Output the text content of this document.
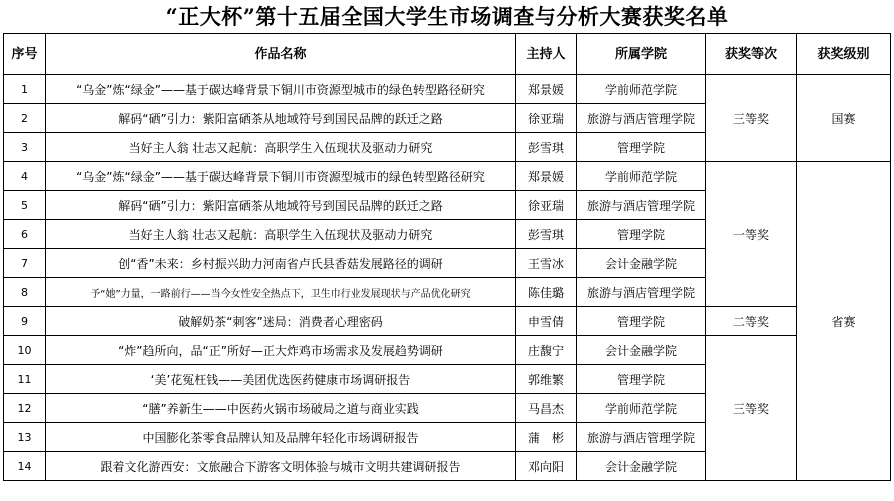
“正大杯”第十五届全国大学生市场调查与分析大赛获奖名单
序号	作品名称	主持人	所属学院	获奖等次	获奖级别
1	“乌金”炼“绿金”——基于碳达峰背景下铜川市资源型城市的绿色转型路径研究	郑景媛	学前师范学院	三等奖	国赛
2	解码“硒”引力：紫阳富硒茶从地域符号到国民品牌的跃迁之路	徐亚瑞	旅游与酒店管理学院		
3	当好主人翁 壮志又起航：高职学生入伍现状及驱动力研究	彭雪琪	管理学院		
4	“乌金”炼“绿金”——基于碳达峰背景下铜川市资源型城市的绿色转型路径研究	郑景媛	学前师范学院	一等奖	省赛
5	解码“硒”引力：紫阳富硒茶从地域符号到国民品牌的跃迁之路	徐亚瑞	旅游与酒店管理学院		
6	当好主人翁 壮志又起航：高职学生入伍现状及驱动力研究	彭雪琪	管理学院		
7	创“香”未来：乡村振兴助力河南省卢氏县香菇发展路径的调研	王雪冰	会计金融学院		
8	予“她”力量，一路前行——当今女性安全热点下，卫生巾行业发展现状与产品优化研究	陈佳璐	旅游与酒店管理学院		
9	破解奶茶“刺客”迷局：消费者心理密码	申雪倩	管理学院	二等奖	
10	“炸”趋所向，品“正”所好—正大炸鸡市场需求及发展趋势调研	庄馥宁	会计金融学院	三等奖	
11	‘美’花冤枉钱——美团优选医药健康市场调研报告	郭维繁	管理学院		
12	“膳”养新生——中医药火锅市场破局之道与商业实践	马昌杰	学前师范学院		
13	中国膨化茶零食品牌认知及品牌年轻化市场调研报告	蒲　彬	旅游与酒店管理学院		
14	跟着文化游西安：文旅融合下游客文明体验与城市文明共建调研报告	邓向阳	会计金融学院		
